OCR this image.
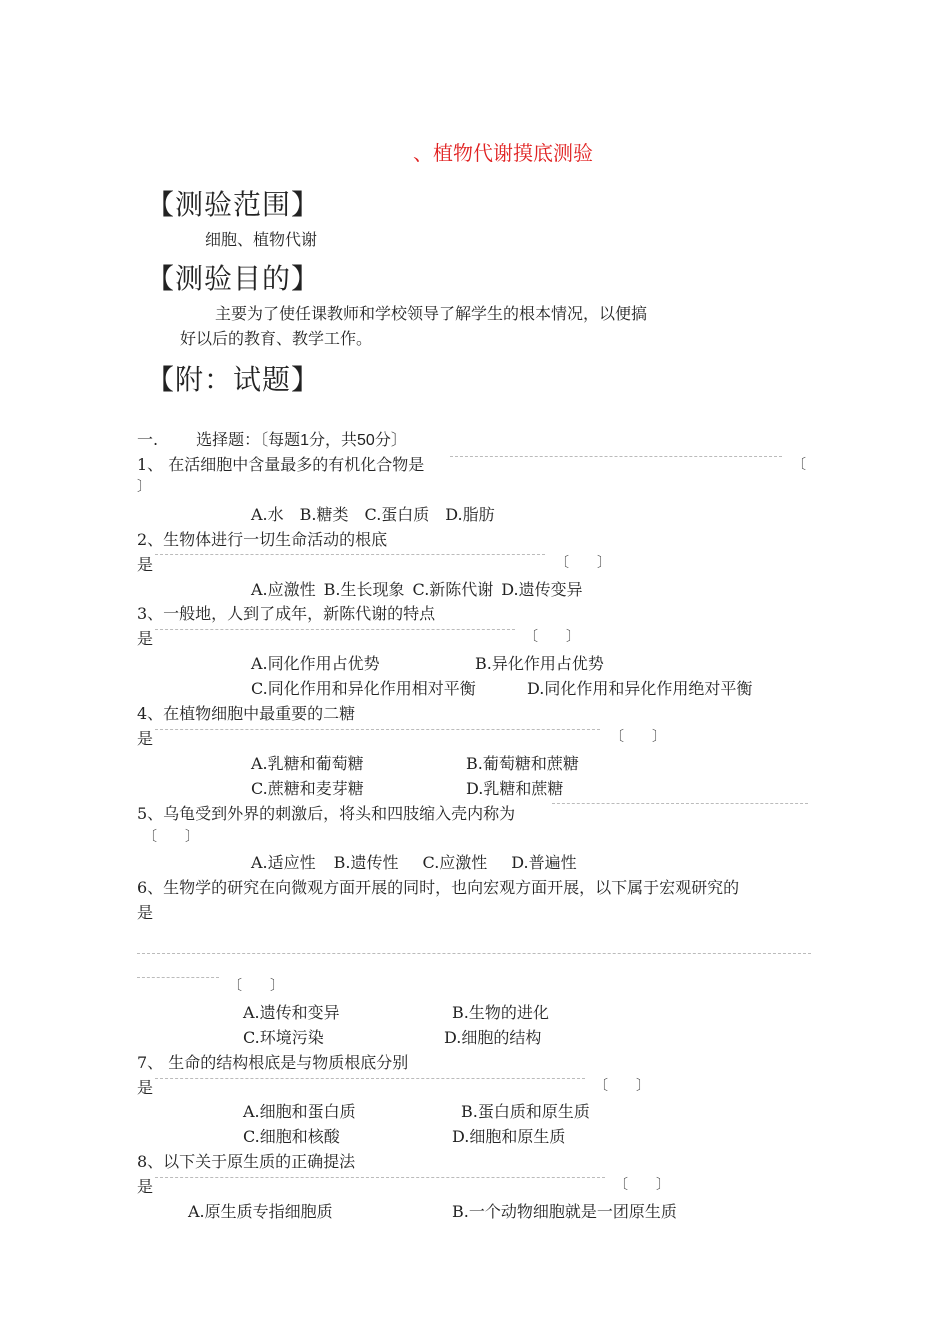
、植物代谢摸底测验
【测验范围】
细胞、植物代谢
【测验目的】
主要为了使任课教师和学校领导了解学生的根本情况，以便搞
好以后的教育、教学工作。
【附：试题】
一. 选择题：〔每题1分，共50分〕
1、 在活细胞中含量最多的有机化合物是	〔
〕
A.水 B.糖类 C.蛋白质 D.脂肪
2、生物体进行一切生命活动的根底
是	〔　　〕
A.应激性 B.生长现象 C.新陈代谢 D.遗传变异
3、一般地，人到了成年，新陈代谢的特点
是	〔　　〕
A.同化作用占优势	B.异化作用占优势
C.同化作用和异化作用相对平衡	D.同化作用和异化作用绝对平衡
4、在植物细胞中最重要的二糖
是	〔　　〕
A.乳糖和葡萄糖	B.葡萄糖和蔗糖
C.蔗糖和麦芽糖	D.乳糖和蔗糖
5、乌龟受到外界的刺激后，将头和四肢缩入壳内称为
〔　　〕
A.适应性 B.遗传性 C.应激性 D.普遍性
6、生物学的研究在向微观方面开展的同时，也向宏观方面开展，以下属于宏观研究的
是
〔　　〕
A.遗传和变异	B.生物的进化
C.环境污染	D.细胞的结构
7、 生命的结构根底是与物质根底分别
是	〔　　〕
A.细胞和蛋白质	B.蛋白质和原生质
C.细胞和核酸	D.细胞和原生质
8、以下关于原生质的正确提法
是	〔　　〕
A.原生质专指细胞质	B.一个动物细胞就是一团原生质
